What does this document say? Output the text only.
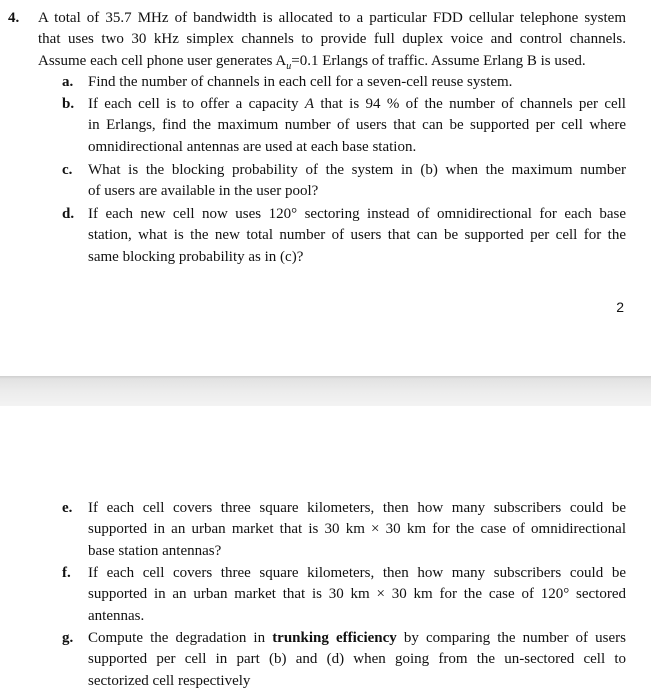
4. A total of 35.7 MHz of bandwidth is allocated to a particular FDD cellular telephone system
that uses two 30 kHz simplex channels to provide full duplex voice and control channels.
Assume each cell phone user generates $A_u=0.1$ Erlangs of traffic. Assume Erlang B is used.
a. Find the number of channels in each cell for a seven-cell reuse system.
b. If each cell is to offer a capacity A that is 94 % of the number of channels per cell
in Erlangs, find the maximum number of users that can be supported per cell where
omnidirectional antennas are used at each base station.
c. What is the blocking probability of the system in (b) when the maximum number
of users are available in the user pool?
d. If each new cell now uses 120° sectoring instead of omnidirectional for each base
station, what is the new total number of users that can be supported per cell for the
same blocking probability as in (c)?
2
e. If each cell covers three square kilometers, then how many subscribers could be
supported in an urban market that is 30 km × 30 km for the case of omnidirectional
base station antennas?
f. If each cell covers three square kilometers, then how many subscribers could be
supported in an urban market that is 30 km × 30 km for the case of 120° sectored
antennas.
g. Compute the degradation in trunking efficiency by comparing the number of users
supported per cell in part (b) and (d) when going from the un-sectored cell to
sectorized cell respectively
